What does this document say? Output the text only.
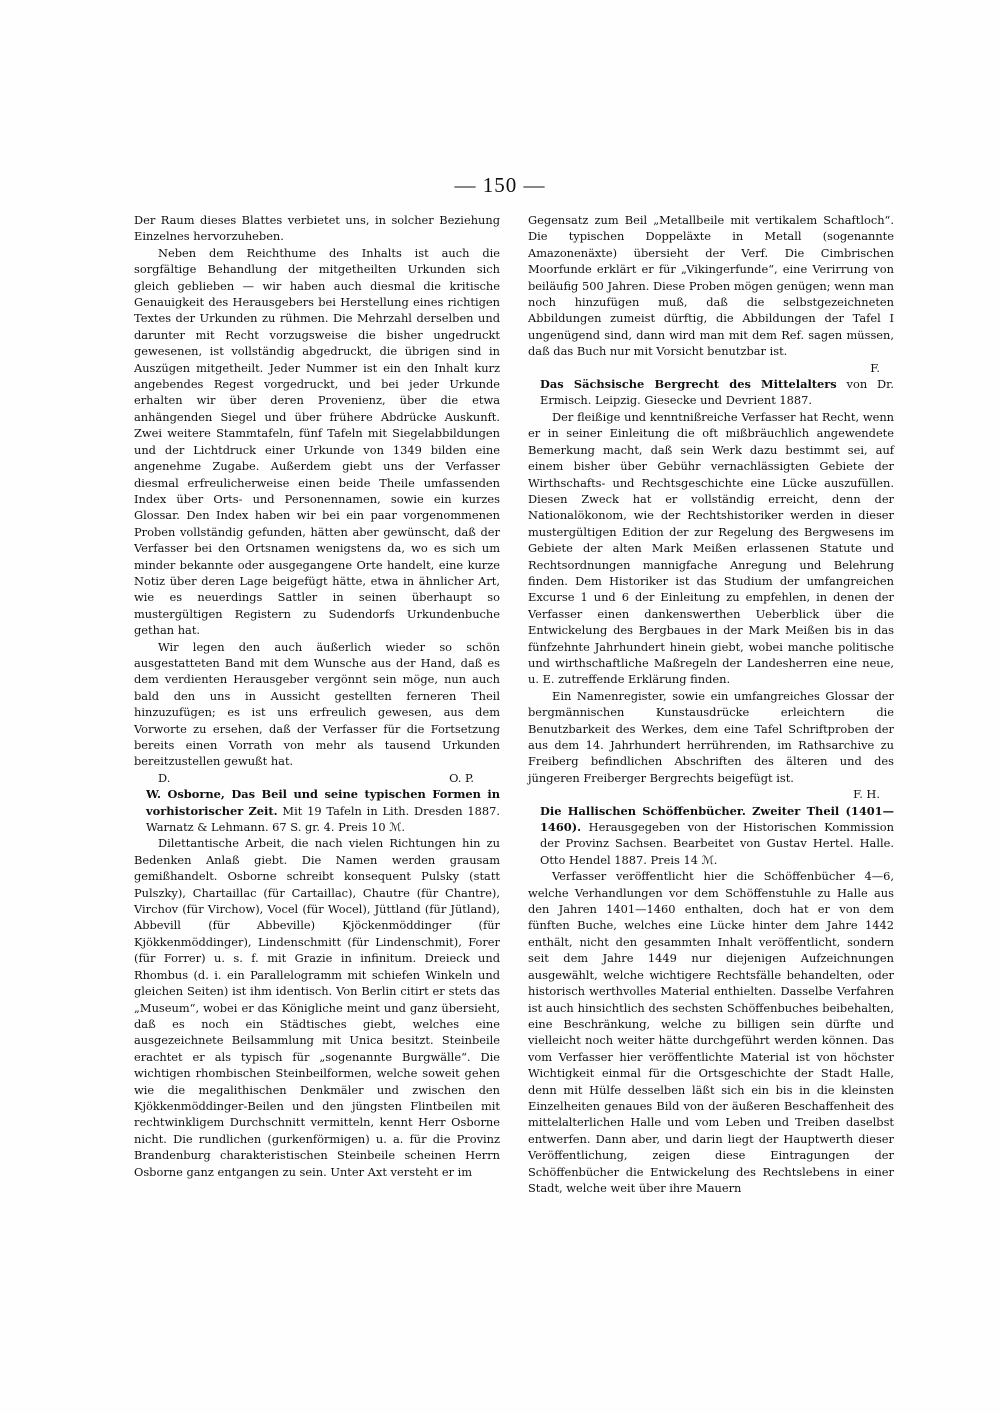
— 150 —

Der Raum dieses Blattes verbietet uns, in solcher Beziehung Einzelnes hervorzuheben.

Neben dem Reichthume des Inhalts ist auch die sorgfältige Behandlung der mitgetheilten Urkunden sich gleich geblieben — wir haben auch diesmal die kritische Genauigkeit des Herausgebers bei Herstellung eines richtigen Textes der Urkunden zu rühmen. Die Mehrzahl derselben und darunter mit Recht vorzugsweise die bisher ungedruckt gewesenen, ist vollständig abgedruckt, die übrigen sind in Auszügen mitgetheilt. Jeder Nummer ist ein den Inhalt kurz angebendes Regest vorgedruckt, und bei jeder Urkunde erhalten wir über deren Provenienz, über die etwa anhängenden Siegel und über frühere Abdrücke Auskunft. Zwei weitere Stammtafeln, fünf Tafeln mit Siegelabbildungen und der Lichtdruck einer Urkunde von 1349 bilden eine angenehme Zugabe. Außerdem giebt uns der Verfasser diesmal erfreulicherweise einen beide Theile umfassenden Index über Orts- und Personennamen, sowie ein kurzes Glossar. Den Index haben wir bei ein paar vorgenommenen Proben vollständig gefunden, hätten aber gewünscht, daß der Verfasser bei den Ortsnamen wenigstens da, wo es sich um minder bekannte oder ausgegangene Orte handelt, eine kurze Notiz über deren Lage beigefügt hätte, etwa in ähnlicher Art, wie es neuerdings Sattler in seinen überhaupt so mustergültigen Registern zu Sudendorfs Urkundenbuche gethan hat.

Wir legen den auch äußerlich wieder so schön ausgestatteten Band mit dem Wunsche aus der Hand, daß es dem verdienten Herausgeber vergönnt sein möge, nun auch bald den uns in Aussicht gestellten ferneren Theil hinzuzufügen; es ist uns erfreulich gewesen, aus dem Vorworte zu ersehen, daß der Verfasser für die Fortsetzung bereits einen Vorrath von mehr als tausend Urkunden bereitzustellen gewußt hat.

D.	O. P.

W. Osborne, Das Beil und seine typischen Formen in vorhistorischer Zeit. Mit 19 Tafeln in Lith. Dresden 1887. Warnatz & Lehmann. 67 S. gr. 4. Preis 10 ℳ.

Dilettantische Arbeit, die nach vielen Richtungen hin zu Bedenken Anlaß giebt. Die Namen werden grausam gemißhandelt. Osborne schreibt konsequent Pulsky (statt Pulszky), Chartaillac (für Cartaillac), Chautre (für Chantre), Virchov (für Virchow), Vocel (für Wocel), Jüttland (für Jütland), Abbevill (für Abbeville) Kjöckenmöddinger (für Kjökkenmöddinger), Lindenschmitt (für Lindenschmit), Forer (für Forrer) u. s. f. mit Grazie in infinitum. Dreieck und Rhombus (d. i. ein Parallelogramm mit schiefen Winkeln und gleichen Seiten) ist ihm identisch. Von Berlin citirt er stets das „Museum“, wobei er das Königliche meint und ganz übersieht, daß es noch ein Städtisches giebt, welches eine ausgezeichnete Beilsammlung mit Unica besitzt. Steinbeile erachtet er als typisch für „sogenannte Burgwälle“. Die wichtigen rhombischen Steinbeilformen, welche soweit gehen wie die megalithischen Denkmäler und zwischen den Kjökkenmöddinger-Beilen und den jüngsten Flintbeilen mit rechtwinkligem Durchschnitt vermitteln, kennt Herr Osborne nicht. Die rundlichen (gurkenförmigen) u. a. für die Provinz Brandenburg charakteristischen Steinbeile scheinen Herrn Osborne ganz entgangen zu sein. Unter Axt versteht er im

Gegensatz zum Beil „Metallbeile mit vertikalem Schaftloch“. Die typischen Doppeläxte in Metall (sogenannte Amazonenäxte) übersieht der Verf. Die Cimbrischen Moorfunde erklärt er für „Vikingerfunde“, eine Verirrung von beiläufig 500 Jahren. Diese Proben mögen genügen; wenn man noch hinzufügen muß, daß die selbstgezeichneten Abbildungen zumeist dürftig, die Abbildungen der Tafel I ungenügend sind, dann wird man mit dem Ref. sagen müssen, daß das Buch nur mit Vorsicht benutzbar ist.

F.

Das Sächsische Bergrecht des Mittelalters von Dr. Ermisch. Leipzig. Giesecke und Devrient 1887.

Der fleißige und kenntnißreiche Verfasser hat Recht, wenn er in seiner Einleitung die oft mißbräuchlich angewendete Bemerkung macht, daß sein Werk dazu bestimmt sei, auf einem bisher über Gebühr vernachlässigten Gebiete der Wirthschafts- und Rechtsgeschichte eine Lücke auszufüllen. Diesen Zweck hat er vollständig erreicht, denn der Nationalökonom, wie der Rechtshistoriker werden in dieser mustergültigen Edition der zur Regelung des Bergwesens im Gebiete der alten Mark Meißen erlassenen Statute und Rechtsordnungen mannigfache Anregung und Belehrung finden. Dem Historiker ist das Studium der umfangreichen Excurse 1 und 6 der Einleitung zu empfehlen, in denen der Verfasser einen dankenswerthen Ueberblick über die Entwickelung des Bergbaues in der Mark Meißen bis in das fünfzehnte Jahrhundert hinein giebt, wobei manche politische und wirthschaftliche Maßregeln der Landesherren eine neue, u. E. zutreffende Erklärung finden.

Ein Namenregister, sowie ein umfangreiches Glossar der bergmännischen Kunstausdrücke erleichtern die Benutzbarkeit des Werkes, dem eine Tafel Schriftproben der aus dem 14. Jahrhundert herrührenden, im Rathsarchive zu Freiberg befindlichen Abschriften des älteren und des jüngeren Freiberger Bergrechts beigefügt ist.

F. H.

Die Hallischen Schöffenbücher. Zweiter Theil (1401—1460). Herausgegeben von der Historischen Kommission der Provinz Sachsen. Bearbeitet von Gustav Hertel. Halle. Otto Hendel 1887. Preis 14 ℳ.

Verfasser veröffentlicht hier die Schöffenbücher 4—6, welche Verhandlungen vor dem Schöffenstuhle zu Halle aus den Jahren 1401—1460 enthalten, doch hat er von dem fünften Buche, welches eine Lücke hinter dem Jahre 1442 enthält, nicht den gesammten Inhalt veröffentlicht, sondern seit dem Jahre 1449 nur diejenigen Aufzeichnungen ausgewählt, welche wichtigere Rechtsfälle behandelten, oder historisch werthvolles Material enthielten. Dasselbe Verfahren ist auch hinsichtlich des sechsten Schöffenbuches beibehalten, eine Beschränkung, welche zu billigen sein dürfte und vielleicht noch weiter hätte durchgeführt werden können. Das vom Verfasser hier veröffentlichte Material ist von höchster Wichtigkeit einmal für die Ortsgeschichte der Stadt Halle, denn mit Hülfe desselben läßt sich ein bis in die kleinsten Einzelheiten genaues Bild von der äußeren Beschaffenheit des mittelalterlichen Halle und vom Leben und Treiben daselbst entwerfen. Dann aber, und darin liegt der Hauptwerth dieser Veröffentlichung, zeigen diese Eintragungen der Schöffenbücher die Entwickelung des Rechtslebens in einer Stadt, welche weit über ihre Mauern
